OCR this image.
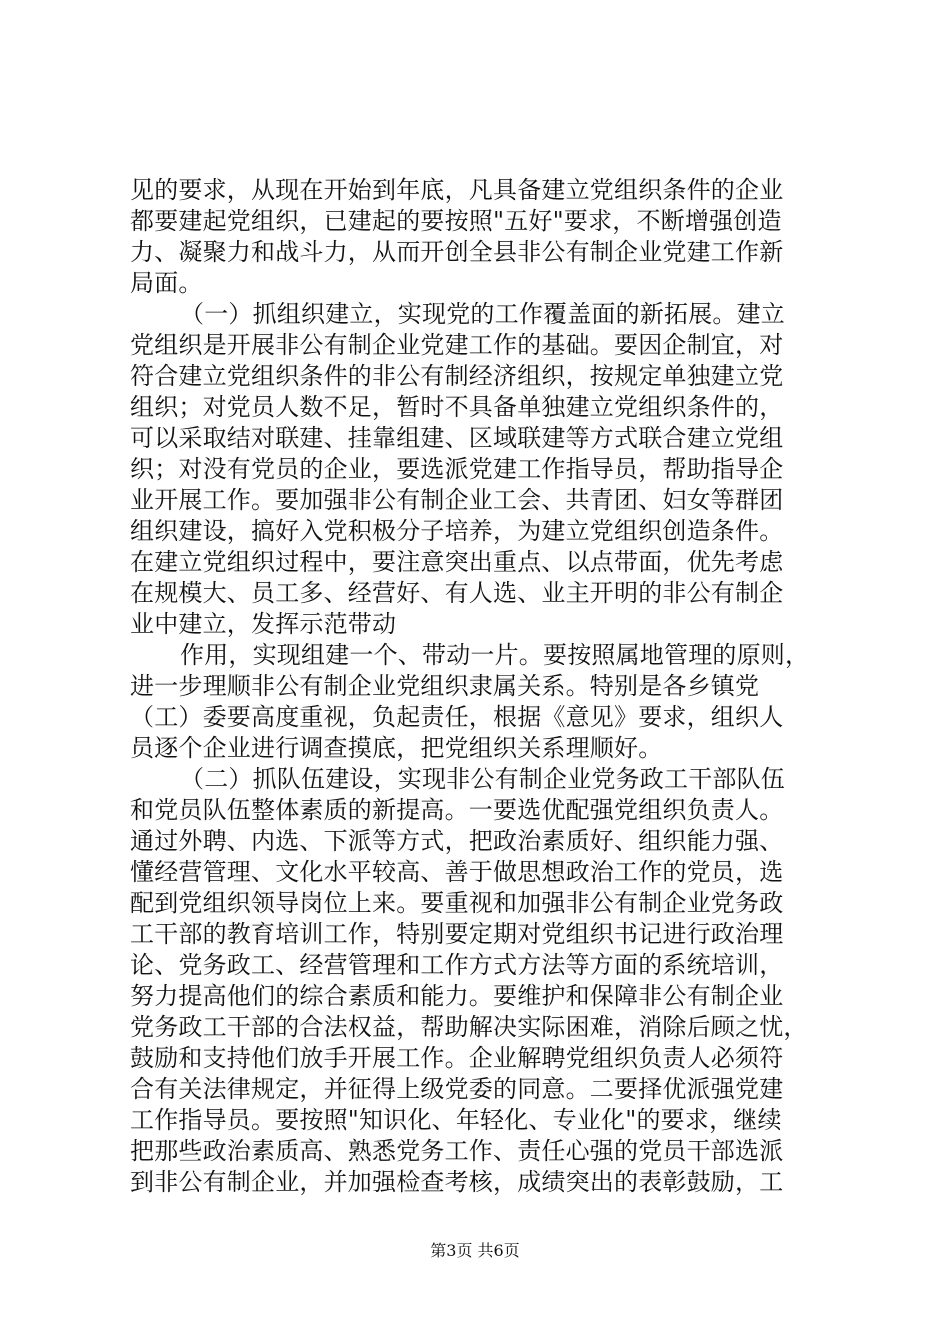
见的要求，从现在开始到年底，凡具备建立党组织条件的企业
都要建起党组织，已建起的要按照"五好"要求，不断增强创造
力、凝聚力和战斗力，从而开创全县非公有制企业党建工作新
局面。
（一）抓组织建立，实现党的工作覆盖面的新拓展。建立
党组织是开展非公有制企业党建工作的基础。要因企制宜，对
符合建立党组织条件的非公有制经济组织，按规定单独建立党
组织；对党员人数不足，暂时不具备单独建立党组织条件的，
可以采取结对联建、挂靠组建、区域联建等方式联合建立党组
织；对没有党员的企业，要选派党建工作指导员，帮助指导企
业开展工作。要加强非公有制企业工会、共青团、妇女等群团
组织建设，搞好入党积极分子培养，为建立党组织创造条件。
在建立党组织过程中，要注意突出重点、以点带面，优先考虑
在规模大、员工多、经营好、有人选、业主开明的非公有制企
业中建立，发挥示范带动
作用，实现组建一个、带动一片。要按照属地管理的原则，
进一步理顺非公有制企业党组织隶属关系。特别是各乡镇党
（工）委要高度重视，负起责任，根据《意见》要求，组织人
员逐个企业进行调查摸底，把党组织关系理顺好。
（二）抓队伍建设，实现非公有制企业党务政工干部队伍
和党员队伍整体素质的新提高。一要选优配强党组织负责人。
通过外聘、内选、下派等方式，把政治素质好、组织能力强、
懂经营管理、文化水平较高、善于做思想政治工作的党员，选
配到党组织领导岗位上来。要重视和加强非公有制企业党务政
工干部的教育培训工作，特别要定期对党组织书记进行政治理
论、党务政工、经营管理和工作方式方法等方面的系统培训，
努力提高他们的综合素质和能力。要维护和保障非公有制企业
党务政工干部的合法权益，帮助解决实际困难，消除后顾之忧，
鼓励和支持他们放手开展工作。企业解聘党组织负责人必须符
合有关法律规定，并征得上级党委的同意。二要择优派强党建
工作指导员。要按照"知识化、年轻化、专业化"的要求，继续
把那些政治素质高、熟悉党务工作、责任心强的党员干部选派
到非公有制企业，并加强检查考核，成绩突出的表彰鼓励，工
第3页 共6页
